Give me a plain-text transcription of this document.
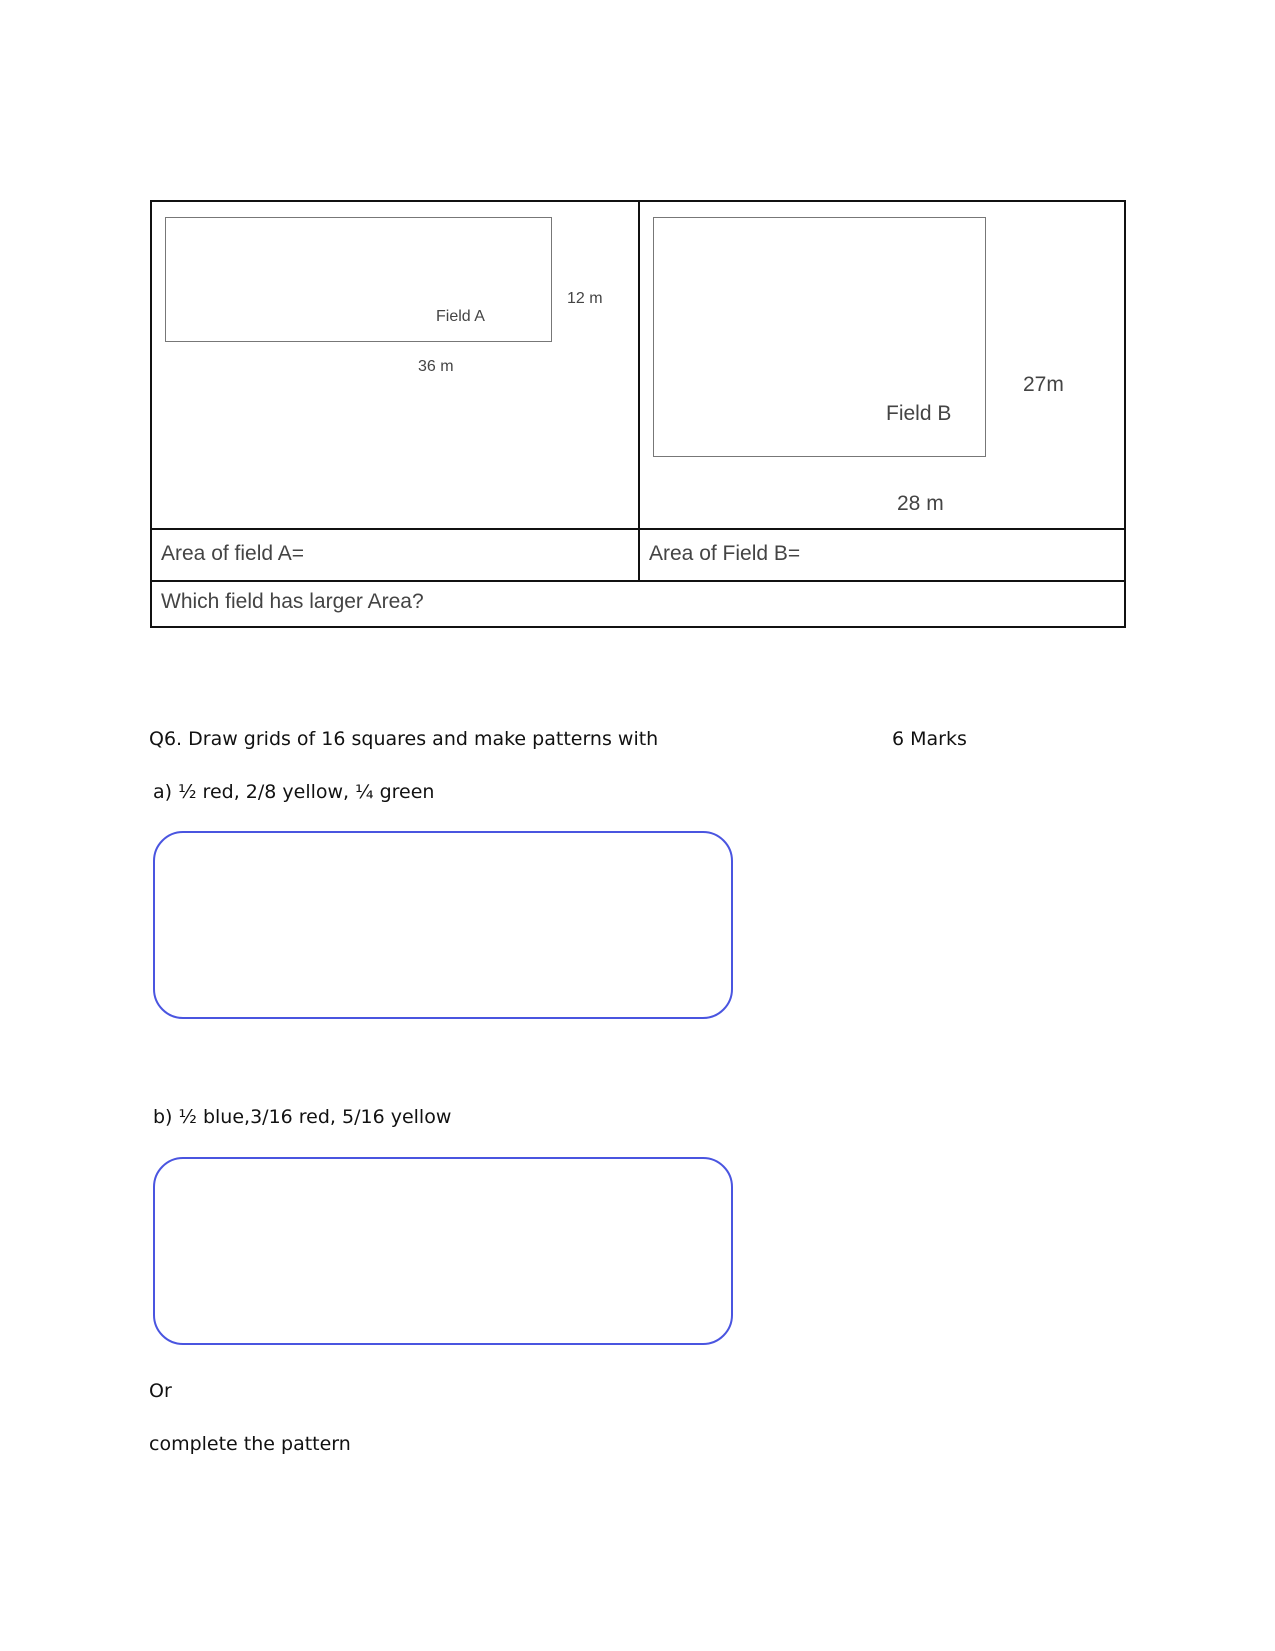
Field A
12 m
36 m
Field B
27m
28 m
Area of field A=	Area of Field B=
Which field has larger Area?
Q6. Draw grids of 16 squares and make patterns with	6 Marks
a) ½ red, 2/8 yellow, ¼ green
b) ½ blue,3/16 red, 5/16 yellow
Or
complete the pattern
